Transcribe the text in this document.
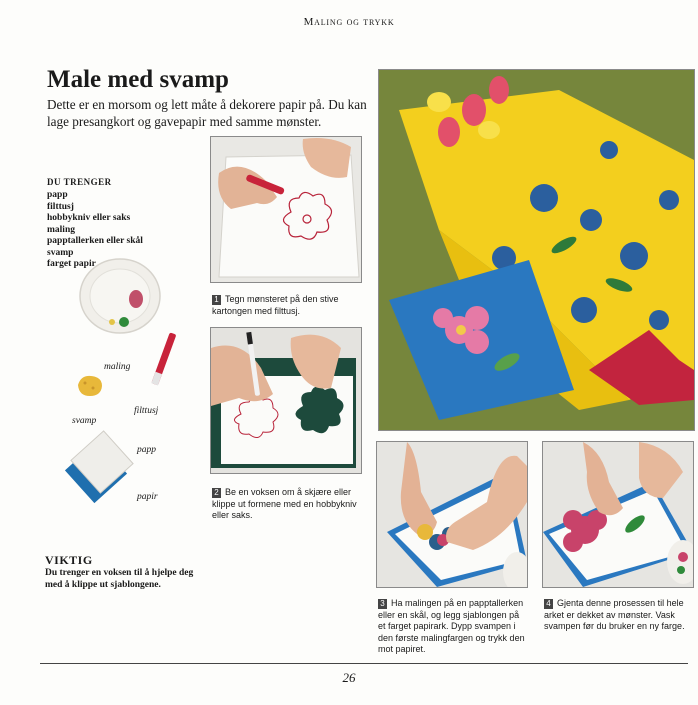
Maling og trykk
Male med svamp
Dette er en morsom og lett måte å dekorere papir på. Du kan lage presangkort og gavepapir med samme mønster.
DU TRENGER
papp
filttusj
hobbykniv eller saks
maling
papptallerken eller skål
svamp
farget papir
maling
filttusj
svamp
papp
papir
VIKTIG
Du trenger en voksen til å hjelpe deg med å klippe ut sjablongene.
1 Tegn mønsteret på den stive kartongen med filttusj.
2 Be en voksen om å skjære eller klippe ut formene med en hobbykniv eller saks.
3 Ha malingen på en papptallerken eller en skål, og legg sjablongen på et farget papirark. Dypp svampen i den første malingfargen og trykk den mot papiret.
4 Gjenta denne prosessen til hele arket er dekket av mønster. Vask svampen før du bruker en ny farge.
26
